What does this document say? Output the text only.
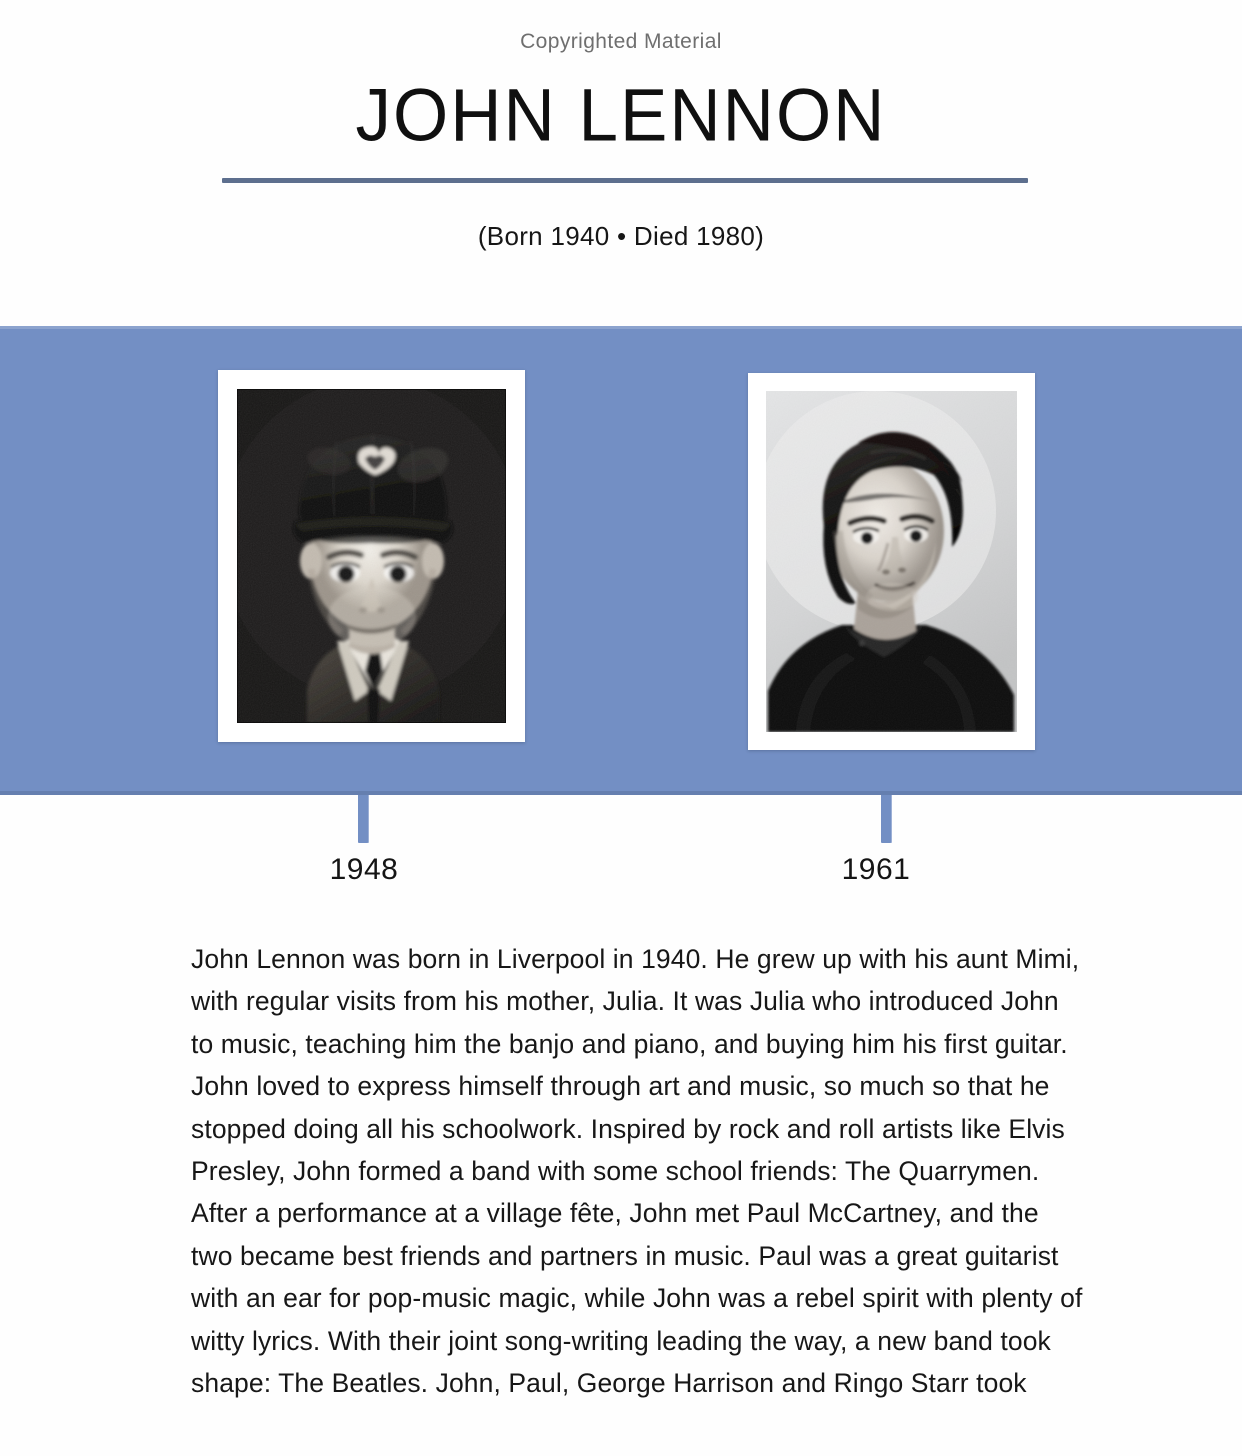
Copyrighted Material
JOHN LENNON
(Born 1940 • Died 1980)
1948	1961

John Lennon was born in Liverpool in 1940. He grew up with his aunt Mimi, with regular visits from his mother, Julia. It was Julia who introduced John to music, teaching him the banjo and piano, and buying him his first guitar. John loved to express himself through art and music, so much so that he stopped doing all his schoolwork. Inspired by rock and roll artists like Elvis Presley, John formed a band with some school friends: The Quarrymen. After a performance at a village fête, John met Paul McCartney, and the two became best friends and partners in music. Paul was a great guitarist with an ear for pop-music magic, while John was a rebel spirit with plenty of witty lyrics. With their joint song-writing leading the way, a new band took shape: The Beatles. John, Paul, George Harrison and Ringo Starr took
